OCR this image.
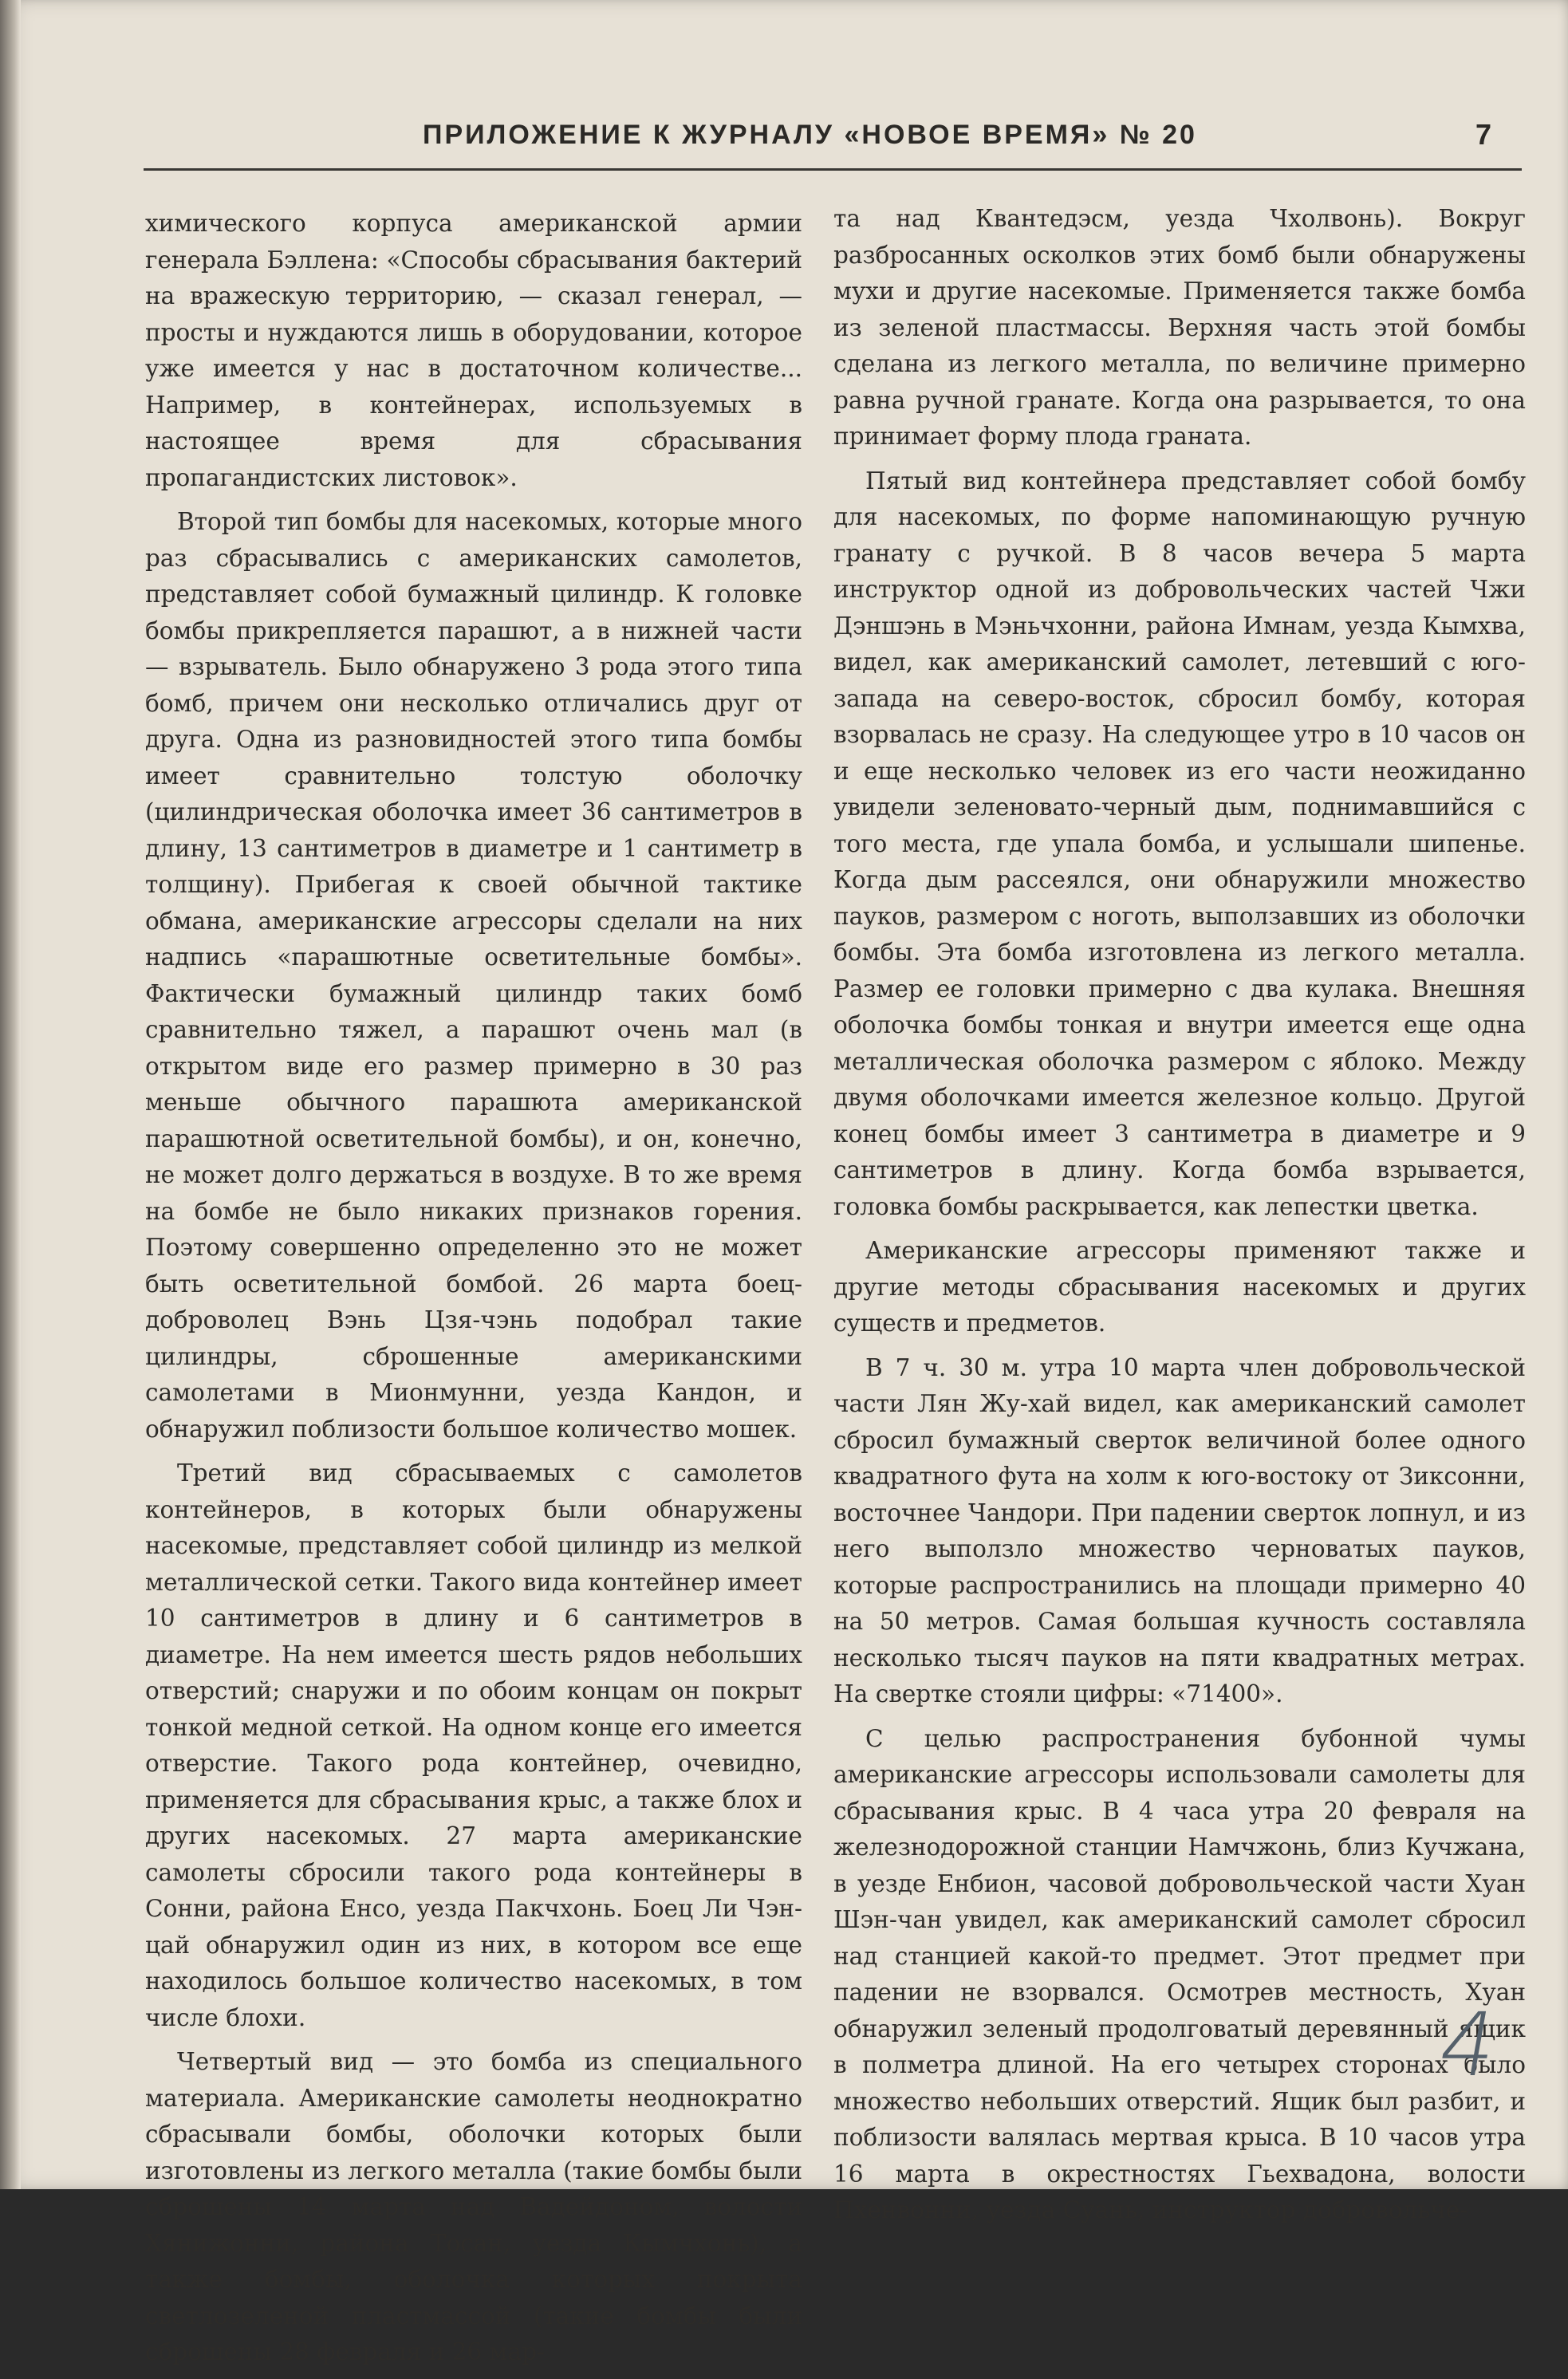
ПРИЛОЖЕНИЕ К ЖУРНАЛУ «НОВОЕ ВРЕМЯ» № 20	7

химического корпуса американской армии генерала Бэллена: «Способы сбрасывания бактерий на вражескую территорию, — сказал генерал, — просты и нуждаются лишь в оборудовании, которое уже имеется у нас в достаточном количестве... Например, в контейнерах, используемых в настоящее время для сбрасывания пропагандистских листовок».

Второй тип бомбы для насекомых, которые много раз сбрасывались с американских самолетов, представляет собой бумажный цилиндр. К головке бомбы прикрепляется парашют, а в нижней части — взрыватель. Было обнаружено 3 рода этого типа бомб, причем они несколько отличались друг от друга. Одна из разновидностей этого типа бомбы имеет сравнительно толстую оболочку (цилиндрическая оболочка имеет 36 сантиметров в длину, 13 сантиметров в диаметре и 1 сантиметр в толщину). Прибегая к своей обычной тактике обмана, американские агрессоры сделали на них надпись «парашютные осветительные бомбы». Фактически бумажный цилиндр таких бомб сравнительно тяжел, а парашют очень мал (в открытом виде его размер примерно в 30 раз меньше обычного парашюта американской парашютной осветительной бомбы), и он, конечно, не может долго держаться в воздухе. В то же время на бомбе не было никаких признаков горения. Поэтому совершенно определенно это не может быть осветительной бомбой. 26 марта боец-доброволец Вэнь Цзя-чэнь подобрал такие цилиндры, сброшенные американскими самолетами в Мионмунни, уезда Кандон, и обнаружил поблизости большое количество мошек.

Третий вид сбрасываемых с самолетов контейнеров, в которых были обнаружены насекомые, представляет собой цилиндр из мелкой металлической сетки. Такого вида контейнер имеет 10 сантиметров в длину и 6 сантиметров в диаметре. На нем имеется шесть рядов небольших отверстий; снаружи и по обоим концам он покрыт тонкой медной сеткой. На одном конце его имеется отверстие. Такого рода контейнер, очевидно, применяется для сбрасывания крыс, а также блох и других насекомых. 27 марта американские самолеты сбросили такого рода контейнеры в Сонни, района Енсо, уезда Пакчхонь. Боец Ли Чэн-цай обнаружил один из них, в котором все еще находилось большое количество насекомых, в том числе блохи.

Четвертый вид — это бомба из специального материала. Американские самолеты неоднократно сбрасывали бомбы, оболочки которых были изготовлены из легкого металла (такие бомбы были сброшены 14 марта над Вадейдоном, волости Хянижонни, района Тосан, уезда Кымчхонь), а также бомбы, оболочка которых покрыта светлозеленой пластмассой (такие бомбы были сброшены 28 февраля и 26 мар-

та над Квантедэсм, уезда Чхолвонь). Вокруг разбросанных осколков этих бомб были обнаружены мухи и другие насекомые. Применяется также бомба из зеленой пластмассы. Верхняя часть этой бомбы сделана из легкого металла, по величине примерно равна ручной гранате. Когда она разрывается, то она принимает форму плода граната.

Пятый вид контейнера представляет собой бомбу для насекомых, по форме напоминающую ручную гранату с ручкой. В 8 часов вечера 5 марта инструктор одной из добровольческих частей Чжи Дэншэнь в Мэньчхонни, района Имнам, уезда Кымхва, видел, как американский самолет, летевший с юго-запада на северо-восток, сбросил бомбу, которая взорвалась не сразу. На следующее утро в 10 часов он и еще несколько человек из его части неожиданно увидели зеленовато-черный дым, поднимавшийся с того места, где упала бомба, и услышали шипенье. Когда дым рассеялся, они обнаружили множество пауков, размером с ноготь, выползавших из оболочки бомбы. Эта бомба изготовлена из легкого металла. Размер ее головки примерно с два кулака. Внешняя оболочка бомбы тонкая и внутри имеется еще одна металлическая оболочка размером с яблоко. Между двумя оболочками имеется железное кольцо. Другой конец бомбы имеет 3 сантиметра в диаметре и 9 сантиметров в длину. Когда бомба взрывается, головка бомбы раскрывается, как лепестки цветка.

Американские агрессоры применяют также и другие методы сбрасывания насекомых и других существ и предметов.

В 7 ч. 30 м. утра 10 марта член добровольческой части Лян Жу-хай видел, как американский самолет сбросил бумажный сверток величиной более одного квадратного фута на холм к юго-востоку от Зиксонни, восточнее Чандори. При падении сверток лопнул, и из него выползло множество черноватых пауков, которые распространились на площади примерно 40 на 50 метров. Самая большая кучность составляла несколько тысяч пауков на пяти квадратных метрах. На свертке стояли цифры: «71400».

С целью распространения бубонной чумы американские агрессоры использовали самолеты для сбрасывания крыс. В 4 часа утра 20 февраля на железнодорожной станции Намчжонь, близ Кучжана, в уезде Енбион, часовой добровольческой части Хуан Шэн-чан увидел, как американский самолет сбросил над станцией какой-то предмет. Этот предмет при падении не взорвался. Осмотрев местность, Хуан обнаружил зеленый продолговатый деревянный ящик в полметра длиной. На его четырех сторонах было множество небольших отверстий. Ящик был разбит, и поблизости валялась мертвая крыса. В 10 часов утра 16 марта в окрестностях Гьехвадона, волости Пхенвонни, уезда Суань, инструктор добровольче-

4
